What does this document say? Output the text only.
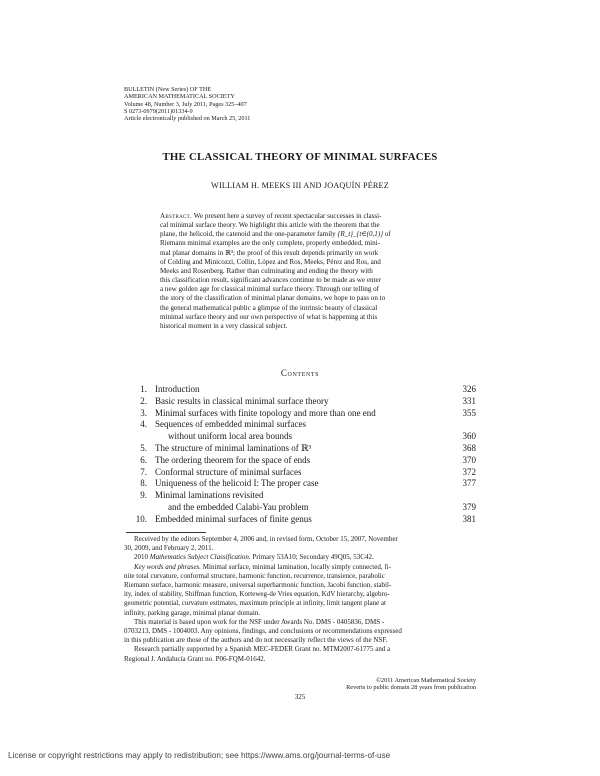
BULLETIN (New Series) OF THE
AMERICAN MATHEMATICAL SOCIETY
Volume 48, Number 3, July 2011, Pages 325–407
S 0273-0979(2011)01334-9
Article electronically published on March 25, 2011
THE CLASSICAL THEORY OF MINIMAL SURFACES
WILLIAM H. MEEKS III AND JOAQUÍN PÉREZ
Abstract. We present here a survey of recent spectacular successes in classi-
cal minimal surface theory. We highlight this article with the theorem that the
plane, the helicoid, the catenoid and the one-parameter family {R_t}_{t∈(0,1)} of
Riemann minimal examples are the only complete, properly embedded, mini-
mal planar domains in ℝ³; the proof of this result depends primarily on work
of Colding and Minicozzi, Collin, López and Ros, Meeks, Pérez and Ros, and
Meeks and Rosenberg. Rather than culminating and ending the theory with
this classification result, significant advances continue to be made as we enter
a new golden age for classical minimal surface theory. Through our telling of
the story of the classification of minimal planar domains, we hope to pass on to
the general mathematical public a glimpse of the intrinsic beauty of classical
minimal surface theory and our own perspective of what is happening at this
historical moment in a very classical subject.
Contents
1. Introduction	326
2. Basic results in classical minimal surface theory	331
3. Minimal surfaces with finite topology and more than one end	355
4. Sequences of embedded minimal surfaces
without uniform local area bounds	360
5. The structure of minimal laminations of ℝ³	368
6. The ordering theorem for the space of ends	370
7. Conformal structure of minimal surfaces	372
8. Uniqueness of the helicoid I: The proper case	377
9. Minimal laminations revisited
and the embedded Calabi-Yau problem	379
10. Embedded minimal surfaces of finite genus	381

Received by the editors September 4, 2006 and, in revised form, October 15, 2007, November
30, 2009, and February 2, 2011.

2010 Mathematics Subject Classification. Primary 53A10; Secondary 49Q05, 53C42.

Key words and phrases. Minimal surface, minimal lamination, locally simply connected, fi-
nite total curvature, conformal structure, harmonic function, recurrence, transience, parabolic
Riemann surface, harmonic measure, universal superharmonic function, Jacobi function, stabil-
ity, index of stability, Shiffman function, Korteweg-de Vries equation, KdV hierarchy, algebro-
geometric potential, curvature estimates, maximum principle at infinity, limit tangent plane at
infinity, parking garage, minimal planar domain.

This material is based upon work for the NSF under Awards No. DMS - 0405836, DMS -
0703213, DMS - 1004003. Any opinions, findings, and conclusions or recommendations expressed
in this publication are those of the authors and do not necessarily reflect the views of the NSF.

Research partially supported by a Spanish MEC-FEDER Grant no. MTM2007-61775 and a
Regional J. Andalucía Grant no. P06-FQM-01642.

©2011 American Mathematical Society
Reverts to public domain 28 years from publication
325
License or copyright restrictions may apply to redistribution; see https://www.ams.org/journal-terms-of-use
